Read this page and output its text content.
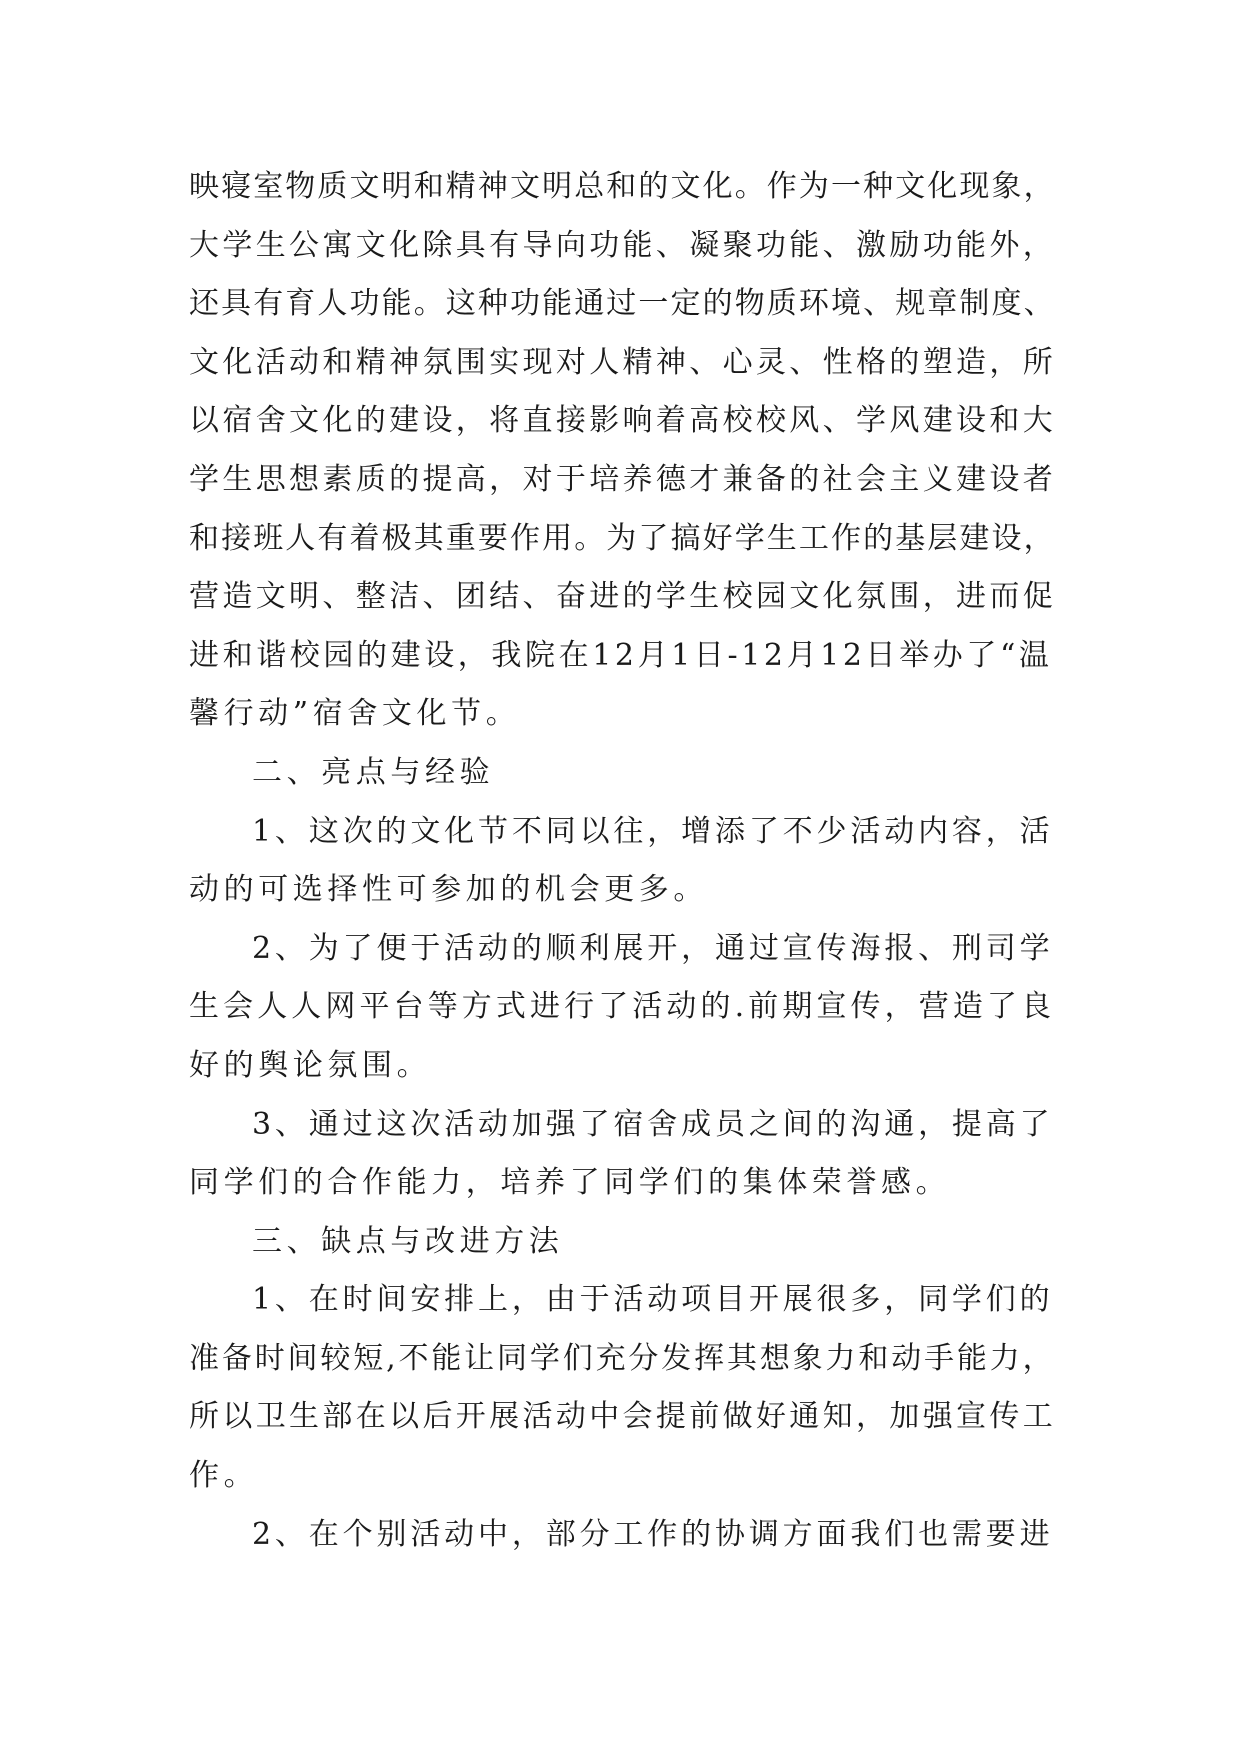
映寝室物质文明和精神文明总和的文化。作为一种文化现象，
大学生公寓文化除具有导向功能、凝聚功能、激励功能外，
还具有育人功能。这种功能通过一定的物质环境、规章制度、
文化活动和精神氛围实现对人精神、心灵、性格的塑造，所
以宿舍文化的建设，将直接影响着高校校风、学风建设和大
学生思想素质的提高，对于培养德才兼备的社会主义建设者
和接班人有着极其重要作用。为了搞好学生工作的基层建设，
营造文明、整洁、团结、奋进的学生校园文化氛围，进而促
进和谐校园的建设，我院在12月1日-12月12日举办了“温
馨行动”宿舍文化节。
二、亮点与经验
1、这次的文化节不同以往，增添了不少活动内容，活
动的可选择性可参加的机会更多。
2、为了便于活动的顺利展开，通过宣传海报、刑司学
生会人人网平台等方式进行了活动的.前期宣传，营造了良
好的舆论氛围。
3、通过这次活动加强了宿舍成员之间的沟通，提高了
同学们的合作能力，培养了同学们的集体荣誉感。
三、缺点与改进方法
1、在时间安排上，由于活动项目开展很多，同学们的
准备时间较短,不能让同学们充分发挥其想象力和动手能力，
所以卫生部在以后开展活动中会提前做好通知，加强宣传工
作。
2、在个别活动中，部分工作的协调方面我们也需要进
